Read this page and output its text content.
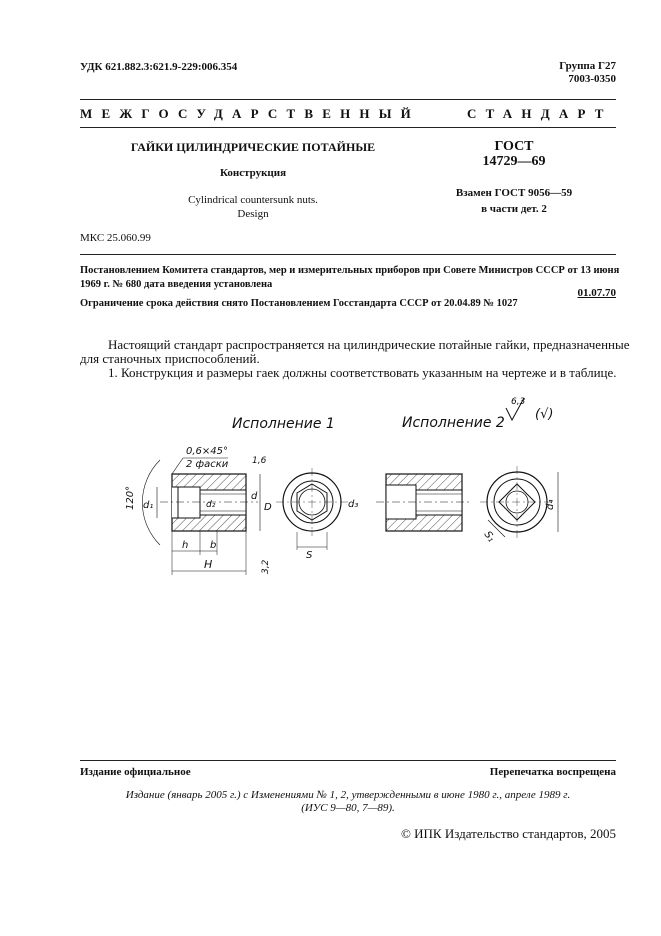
УДК 621.882.3:621.9-229:006.354	Группа Г27
7003-0350
МЕЖГОСУДАРСТВЕННЫЙ	СТАНДАРТ
ГАЙКИ ЦИЛИНДРИЧЕСКИЕ ПОТАЙНЫЕ
Конструкция
Cylindrical countersunk nuts.
Design
МКС 25.060.99
ГОСТ
14729—69
Взамен ГОСТ 9056—59
в части дет. 2
Постановлением Комитета стандартов, мер и измерительных приборов при Совете Министров СССР от 13 июня
1969 г. № 680 дата введения установлена
01.07.70
Ограничение срока действия снято Постановлением Госстандарта СССР от 20.04.89 № 1027
Настоящий стандарт распространяется на цилиндрические потайные гайки, предназначенные
для станочных приспособлений.
1. Конструкция и размеры гаек должны соответствовать указанным на чертеже и в таблице.
Исполнение 1	Исполнение 2
6,3
(√)
d₁	d₂
d
D
120°
0,6×45°
2 фаски	1,6
h b
H	3,2
S
d₃
S₁
d₄
Издание официальное	Перепечатка воспрещена
Издание (январь 2005 г.) с Изменениями № 1, 2, утвержденными в июне 1980 г., апреле 1989 г.
(ИУС 9—80, 7—89).
© ИПК Издательство стандартов, 2005
